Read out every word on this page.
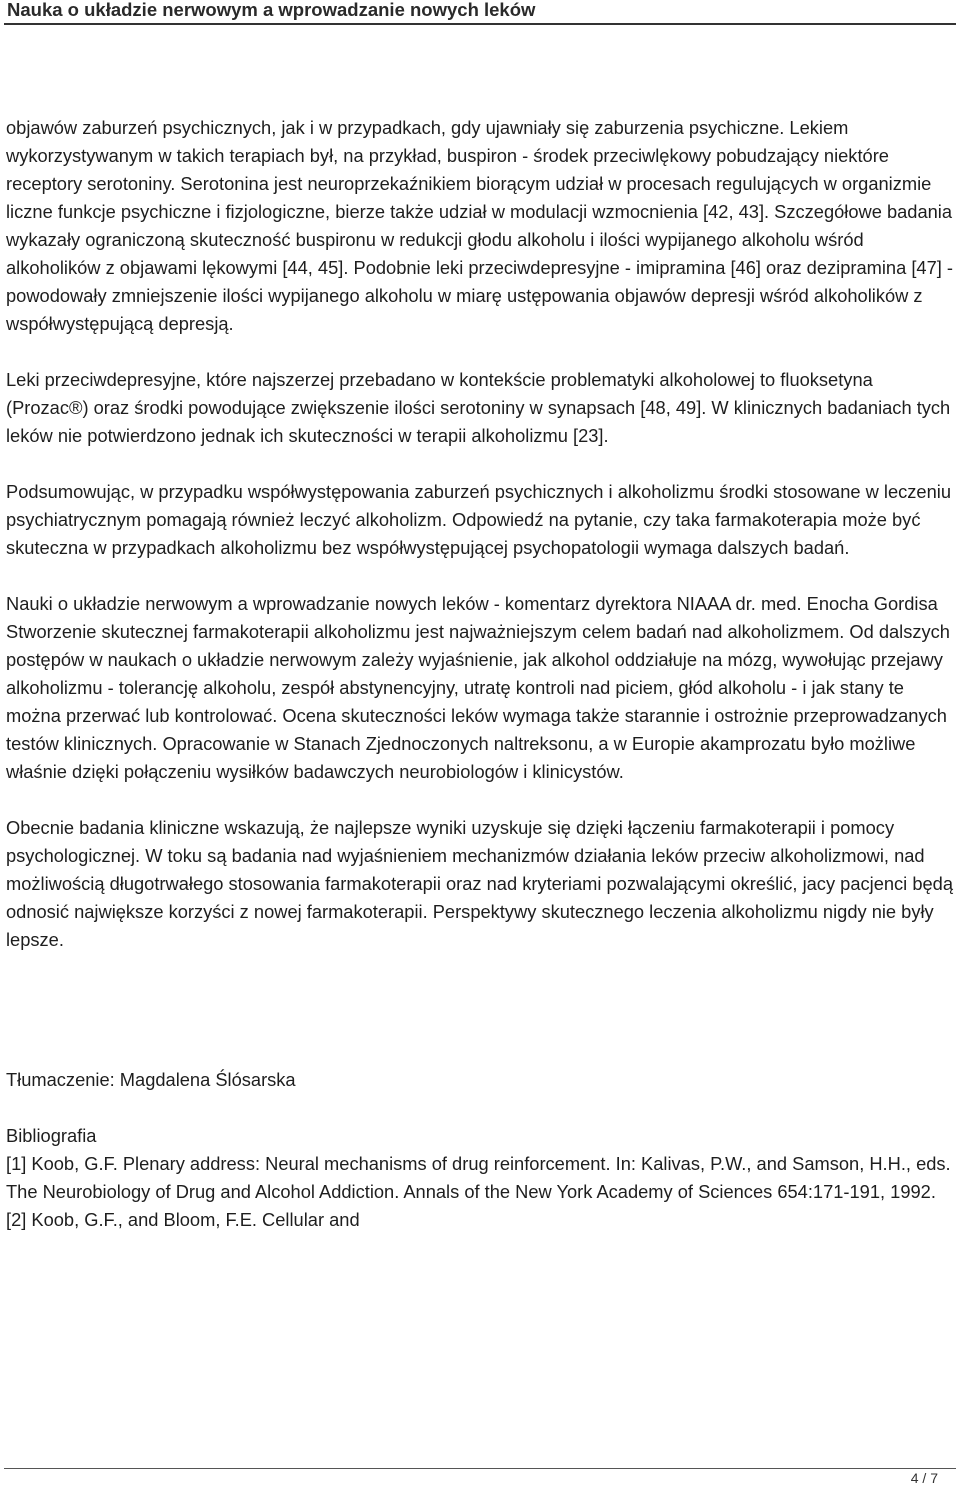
Nauka o układzie nerwowym a wprowadzanie nowych leków

objawów zaburzeń psychicznych, jak i w przypadkach, gdy ujawniały się zaburzenia psychiczne. Lekiem wykorzystywanym w takich terapiach był, na przykład, buspiron - środek przeciwlękowy pobudzający niektóre receptory serotoniny. Serotonina jest neuroprzekaźnikiem biorącym udział w procesach regulujących w organizmie liczne funkcje psychiczne i fizjologiczne, bierze także udział w modulacji wzmocnienia [42, 43]. Szczegółowe badania wykazały ograniczoną skuteczność buspironu w redukcji głodu alkoholu i ilości wypijanego alkoholu wśród alkoholików z objawami lękowymi [44, 45]. Podobnie leki przeciwdepresyjne - imipramina [46] oraz dezipramina [47] - powodowały zmniejszenie ilości wypijanego alkoholu w miarę ustępowania objawów depresji wśród alkoholików z współwystępującą depresją.

Leki przeciwdepresyjne, które najszerzej przebadano w kontekście problematyki alkoholowej to fluoksetyna (Prozac®) oraz środki powodujące zwiększenie ilości serotoniny w synapsach [48, 49]. W klinicznych badaniach tych leków nie potwierdzono jednak ich skuteczności w terapii alkoholizmu [23].

Podsumowując, w przypadku współwystępowania zaburzeń psychicznych i alkoholizmu środki stosowane w leczeniu psychiatrycznym pomagają również leczyć alkoholizm. Odpowiedź na pytanie, czy taka farmakoterapia może być skuteczna w przypadkach alkoholizmu bez współwystępującej psychopatologii wymaga dalszych badań.

Nauki o układzie nerwowym a wprowadzanie nowych leków - komentarz dyrektora NIAAA dr. med. Enocha Gordisa

Stworzenie skutecznej farmakoterapii alkoholizmu jest najważniejszym celem badań nad alkoholizmem. Od dalszych postępów w naukach o układzie nerwowym zależy wyjaśnienie, jak alkohol oddziałuje na mózg, wywołując przejawy alkoholizmu - tolerancję alkoholu, zespół abstynencyjny, utratę kontroli nad piciem, głód alkoholu - i jak stany te można przerwać lub kontrolować. Ocena skuteczności leków wymaga także starannie i ostrożnie przeprowadzanych testów klinicznych. Opracowanie w Stanach Zjednoczonych naltreksonu, a w Europie akamprozatu było możliwe właśnie dzięki połączeniu wysiłków badawczych neurobiologów i klinicystów.

Obecnie badania kliniczne wskazują, że najlepsze wyniki uzyskuje się dzięki łączeniu farmakoterapii i pomocy psychologicznej. W toku są badania nad wyjaśnieniem mechanizmów działania leków przeciw alkoholizmowi, nad możliwością długotrwałego stosowania farmakoterapii oraz nad kryteriami pozwalającymi określić, jacy pacjenci będą odnosić największe korzyści z nowej farmakoterapii. Perspektywy skutecznego leczenia alkoholizmu nigdy nie były lepsze.

Tłumaczenie: Magdalena Ślósarska

Bibliografia

[1] Koob, G.F. Plenary address: Neural mechanisms of drug reinforcement. In: Kalivas, P.W., and Samson, H.H., eds. The Neurobiology of Drug and Alcohol Addiction. Annals of the New York Academy of Sciences 654:171-191, 1992. [2] Koob, G.F., and Bloom, F.E. Cellular and

4 / 7
